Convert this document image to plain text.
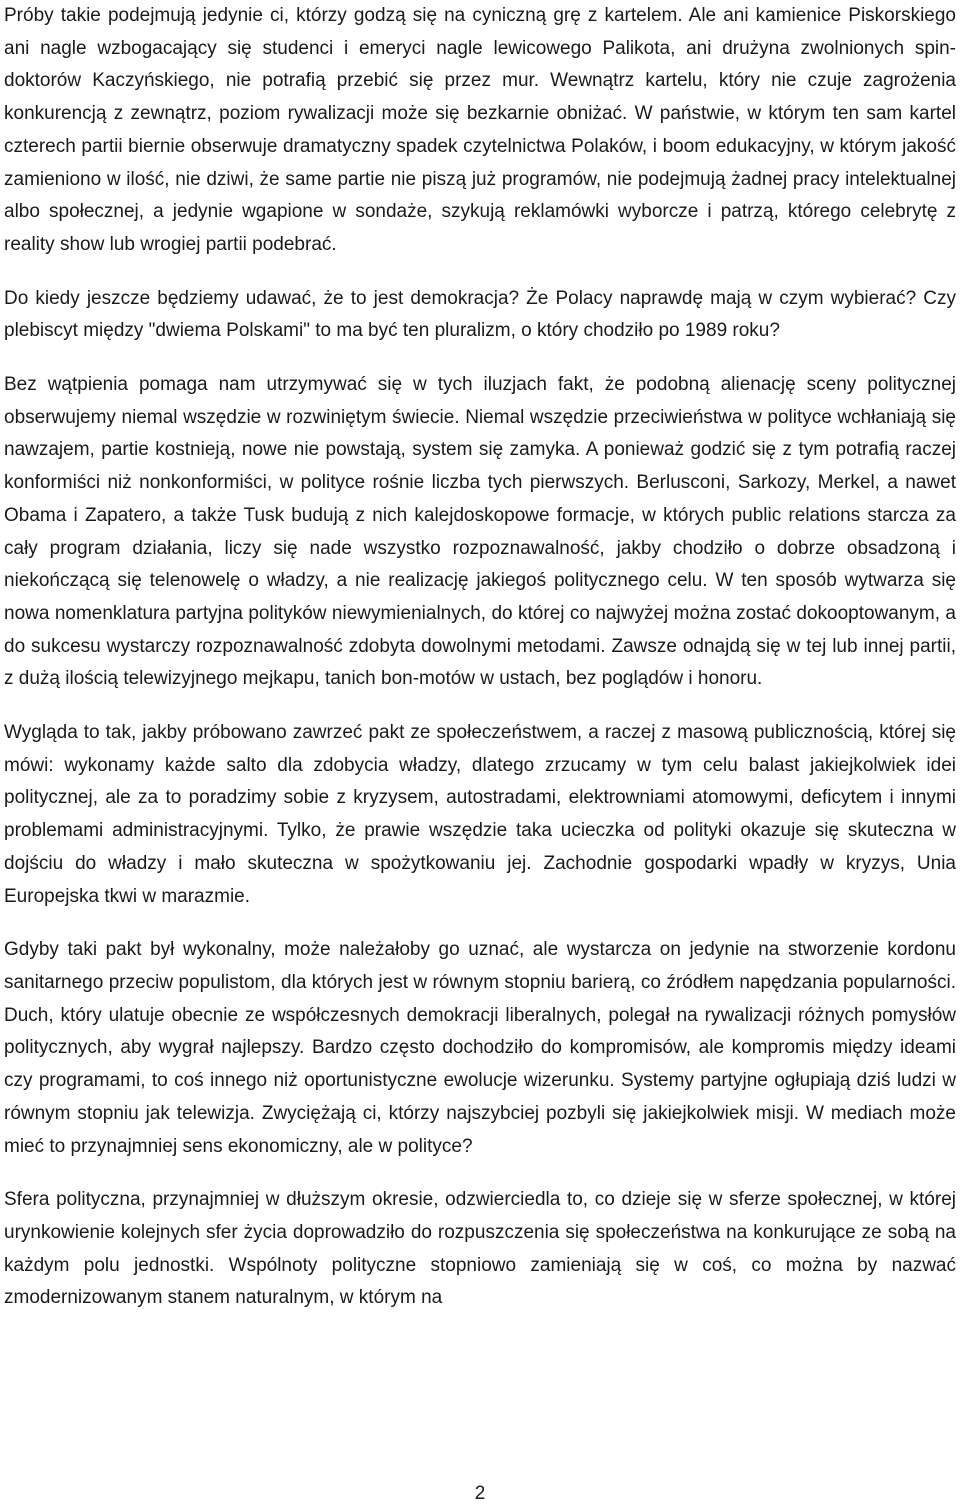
Próby takie podejmują jedynie ci, którzy godzą się na cyniczną grę z kartelem. Ale ani kamienice Piskorskiego ani nagle wzbogacający się studenci i emeryci nagle lewicowego Palikota, ani drużyna zwolnionych spin-doktorów Kaczyńskiego, nie potrafią przebić się przez mur. Wewnątrz kartelu, który nie czuje zagrożenia konkurencją z zewnątrz, poziom rywalizacji może się bezkarnie obniżać. W państwie, w którym ten sam kartel czterech partii biernie obserwuje dramatyczny spadek czytelnictwa Polaków, i boom edukacyjny, w którym jakość zamieniono w ilość, nie dziwi, że same partie nie piszą już programów, nie podejmują żadnej pracy intelektualnej albo społecznej, a jedynie wgapione w sondaże, szykują reklamówki wyborcze i patrzą, którego celebrytę z reality show lub wrogiej partii podebrać.

Do kiedy jeszcze będziemy udawać, że to jest demokracja? Że Polacy naprawdę mają w czym wybierać? Czy plebiscyt między "dwiema Polskami" to ma być ten pluralizm, o który chodziło po 1989 roku?

Bez wątpienia pomaga nam utrzymywać się w tych iluzjach fakt, że podobną alienację sceny politycznej obserwujemy niemal wszędzie w rozwiniętym świecie. Niemal wszędzie przeciwieństwa w polityce wchłaniają się nawzajem, partie kostnieją, nowe nie powstają, system się zamyka. A ponieważ godzić się z tym potrafią raczej konformiści niż nonkonformiści, w polityce rośnie liczba tych pierwszych. Berlusconi, Sarkozy, Merkel, a nawet Obama i Zapatero, a także Tusk budują z nich kalejdoskopowe formacje, w których public relations starcza za cały program działania, liczy się nade wszystko rozpoznawalność, jakby chodziło o dobrze obsadzoną i niekończącą się telenowelę o władzy, a nie realizację jakiegoś politycznego celu. W ten sposób wytwarza się nowa nomenklatura partyjna polityków niewymienialnych, do której co najwyżej można zostać dokooptowanym, a do sukcesu wystarczy rozpoznawalność zdobyta dowolnymi metodami. Zawsze odnajdą się w tej lub innej partii, z dużą ilością telewizyjnego mejkapu, tanich bon-motów w ustach, bez poglądów i honoru.

Wygląda to tak, jakby próbowano zawrzeć pakt ze społeczeństwem, a raczej z masową publicznością, której się mówi: wykonamy każde salto dla zdobycia władzy, dlatego zrzucamy w tym celu balast jakiejkolwiek idei politycznej, ale za to poradzimy sobie z kryzysem, autostradami, elektrowniami atomowymi, deficytem i innymi problemami administracyjnymi. Tylko, że prawie wszędzie taka ucieczka od polityki okazuje się skuteczna w dojściu do władzy i mało skuteczna w spożytkowaniu jej. Zachodnie gospodarki wpadły w kryzys, Unia Europejska tkwi w marazmie.

Gdyby taki pakt był wykonalny, może należałoby go uznać, ale wystarcza on jedynie na stworzenie kordonu sanitarnego przeciw populistom, dla których jest w równym stopniu barierą, co źródłem napędzania popularności. Duch, który ulatuje obecnie ze współczesnych demokracji liberalnych, polegał na rywalizacji różnych pomysłów politycznych, aby wygrał najlepszy. Bardzo często dochodziło do kompromisów, ale kompromis między ideami czy programami, to coś innego niż oportunistyczne ewolucje wizerunku. Systemy partyjne ogłupiają dziś ludzi w równym stopniu jak telewizja. Zwyciężają ci, którzy najszybciej pozbyli się jakiejkolwiek misji. W mediach może mieć to przynajmniej sens ekonomiczny, ale w polityce?

Sfera polityczna, przynajmniej w dłuższym okresie, odzwierciedla to, co dzieje się w sferze społecznej, w której urynkowienie kolejnych sfer życia doprowadziło do rozpuszczenia się społeczeństwa na konkurujące ze sobą na każdym polu jednostki. Wspólnoty polityczne stopniowo zamieniają się w coś, co można by nazwać zmodernizowanym stanem naturalnym, w którym na

2
